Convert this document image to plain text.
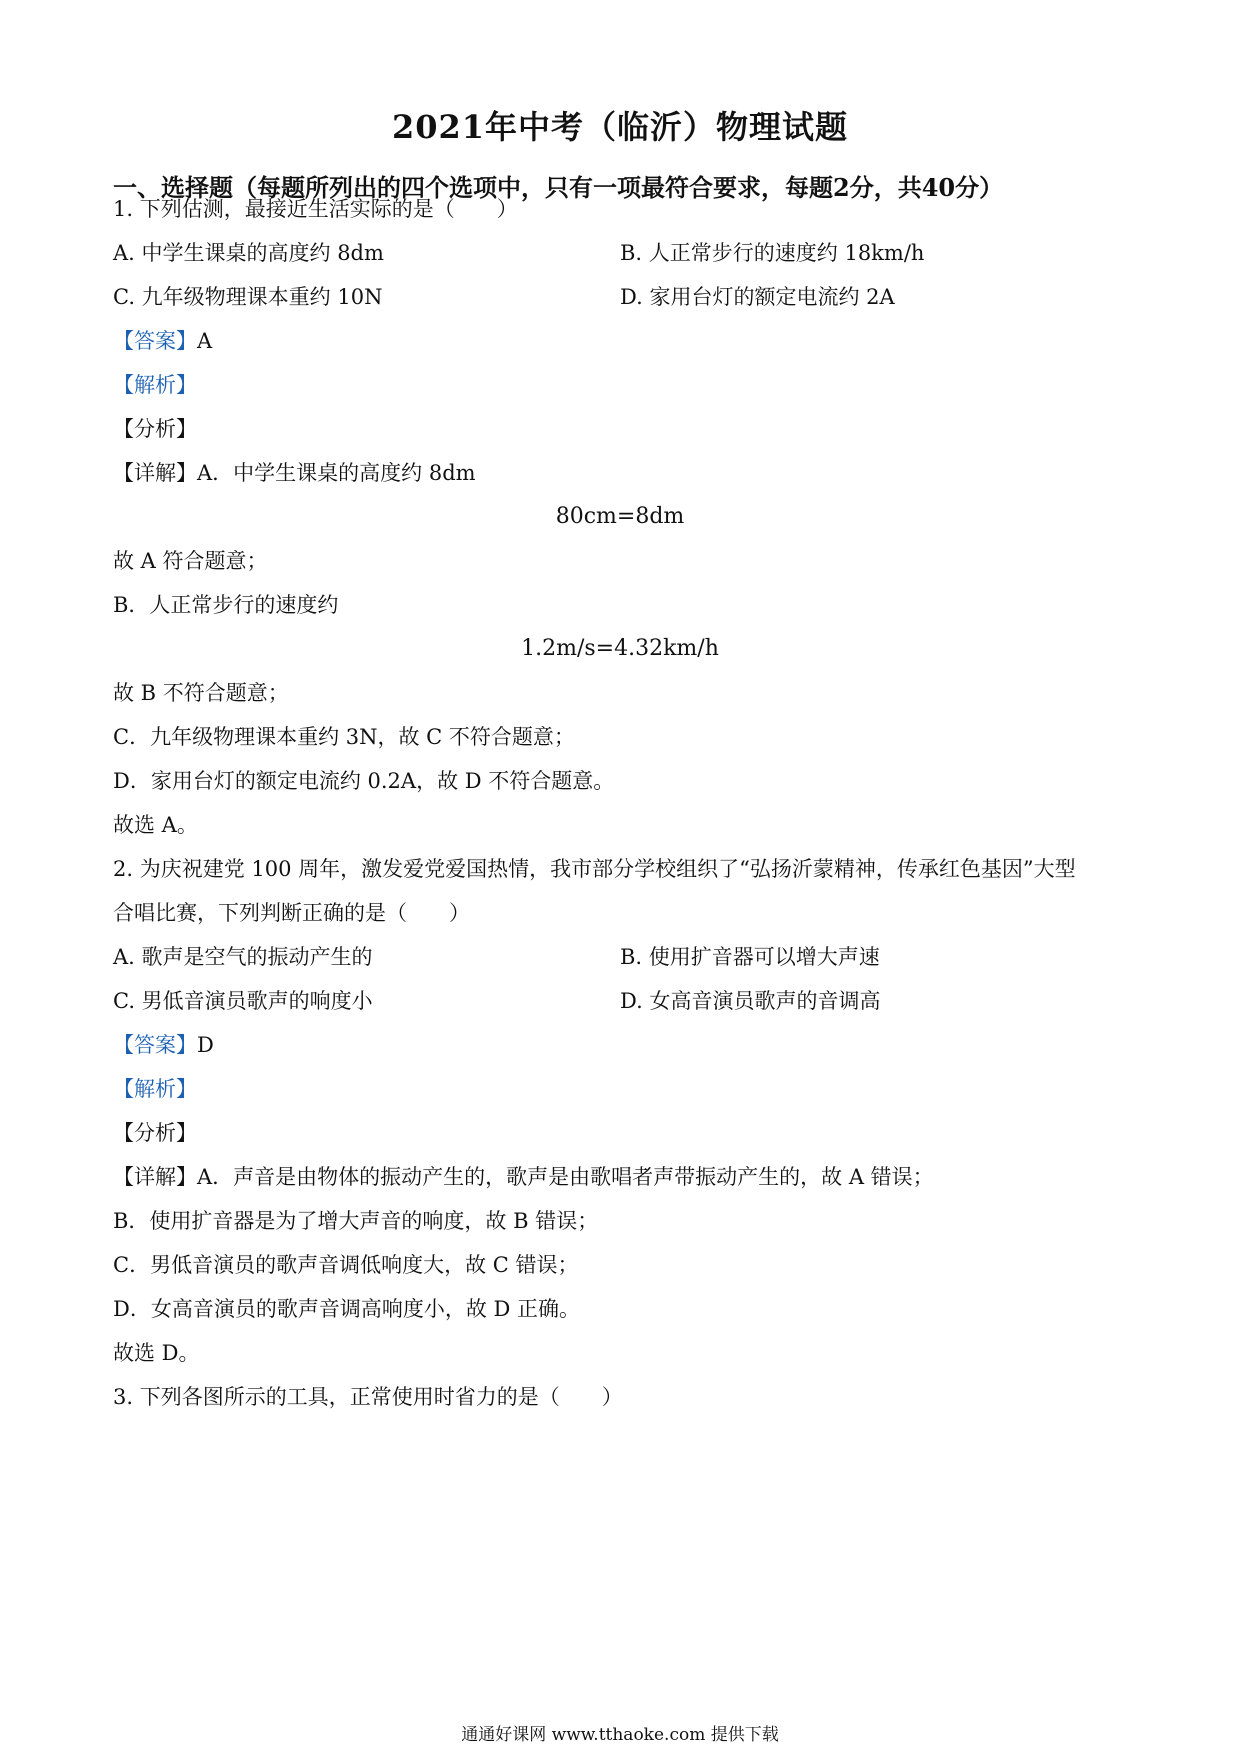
2021年中考（临沂）物理试题
一、选择题（每题所列出的四个选项中，只有一项最符合要求，每题2分，共40分）
1. 下列估测，最接近生活实际的是（　　）
A. 中学生课桌的高度约 8dm	B. 人正常步行的速度约 18km/h
C. 九年级物理课本重约 10N	D. 家用台灯的额定电流约 2A
【答案】A
【解析】
【分析】
【详解】A．中学生课桌的高度约 8dm
80cm=8dm
故 A 符合题意；
B．人正常步行的速度约
1.2m/s=4.32km/h
故 B 不符合题意；
C．九年级物理课本重约 3N，故 C 不符合题意；
D．家用台灯的额定电流约 0.2A，故 D 不符合题意。
故选 A。
2. 为庆祝建党 100 周年，激发爱党爱国热情，我市部分学校组织了“弘扬沂蒙精神，传承红色基因”大型
合唱比赛，下列判断正确的是（　　）
A. 歌声是空气的振动产生的	B. 使用扩音器可以增大声速
C. 男低音演员歌声的响度小	D. 女高音演员歌声的音调高
【答案】D
【解析】
【分析】
【详解】A．声音是由物体的振动产生的，歌声是由歌唱者声带振动产生的，故 A 错误；
B．使用扩音器是为了增大声音的响度，故 B 错误；
C．男低音演员的歌声音调低响度大，故 C 错误；
D．女高音演员的歌声音调高响度小，故 D 正确。
故选 D。
3. 下列各图所示的工具，正常使用时省力的是（　　）
通通好课网 www.tthaoke.com 提供下载
